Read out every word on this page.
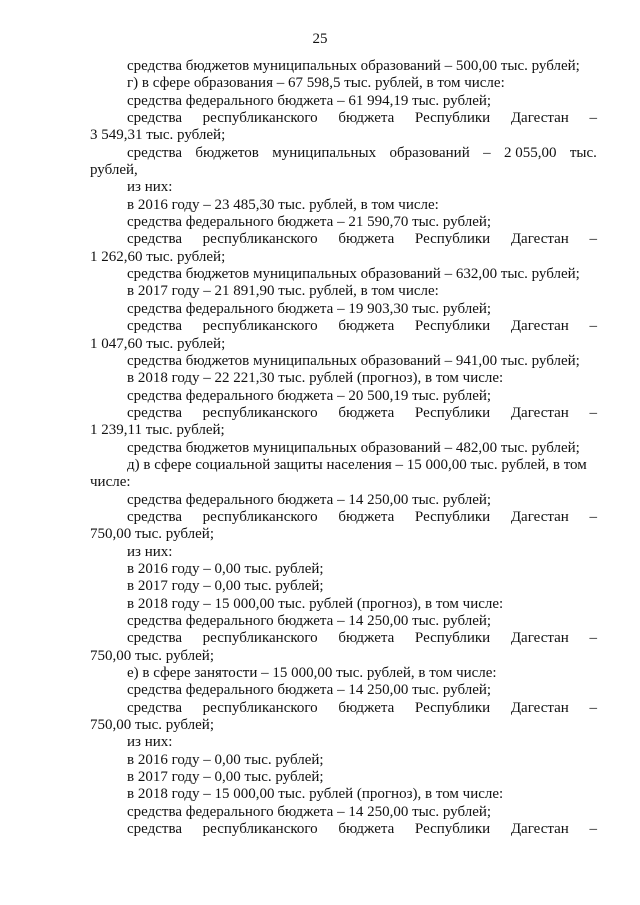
25
средства бюджетов муниципальных образований – 500,00 тыс. рублей;
г) в сфере образования – 67 598,5 тыс. рублей, в том числе:
средства федерального бюджета – 61 994,19 тыс. рублей;
средства республиканского бюджета Республики Дагестан –
3 549,31 тыс. рублей;
средства бюджетов муниципальных образований – 2 055,00 тыс.
рублей,
из них:
в 2016 году – 23 485,30 тыс. рублей, в том числе:
средства федерального бюджета – 21 590,70 тыс. рублей;
средства республиканского бюджета Республики Дагестан –
1 262,60 тыс. рублей;
средства бюджетов муниципальных образований – 632,00 тыс. рублей;
в 2017 году – 21 891,90 тыс. рублей, в том числе:
средства федерального бюджета – 19 903,30 тыс. рублей;
средства республиканского бюджета Республики Дагестан –
1 047,60 тыс. рублей;
средства бюджетов муниципальных образований – 941,00 тыс. рублей;
в 2018 году – 22 221,30 тыс. рублей (прогноз), в том числе:
средства федерального бюджета – 20 500,19 тыс. рублей;
средства республиканского бюджета Республики Дагестан –
1 239,11 тыс. рублей;
средства бюджетов муниципальных образований – 482,00 тыс. рублей;
д) в сфере социальной защиты населения – 15 000,00 тыс. рублей, в том
числе:
средства федерального бюджета – 14 250,00 тыс. рублей;
средства республиканского бюджета Республики Дагестан –
750,00 тыс. рублей;
из них:
в 2016 году – 0,00 тыс. рублей;
в 2017 году – 0,00 тыс. рублей;
в 2018 году – 15 000,00 тыс. рублей (прогноз), в том числе:
средства федерального бюджета – 14 250,00 тыс. рублей;
средства республиканского бюджета Республики Дагестан –
750,00 тыс. рублей;
е) в сфере занятости – 15 000,00 тыс. рублей, в том числе:
средства федерального бюджета – 14 250,00 тыс. рублей;
средства республиканского бюджета Республики Дагестан –
750,00 тыс. рублей;
из них:
в 2016 году – 0,00 тыс. рублей;
в 2017 году – 0,00 тыс. рублей;
в 2018 году – 15 000,00 тыс. рублей (прогноз), в том числе:
средства федерального бюджета – 14 250,00 тыс. рублей;
средства республиканского бюджета Республики Дагестан –
